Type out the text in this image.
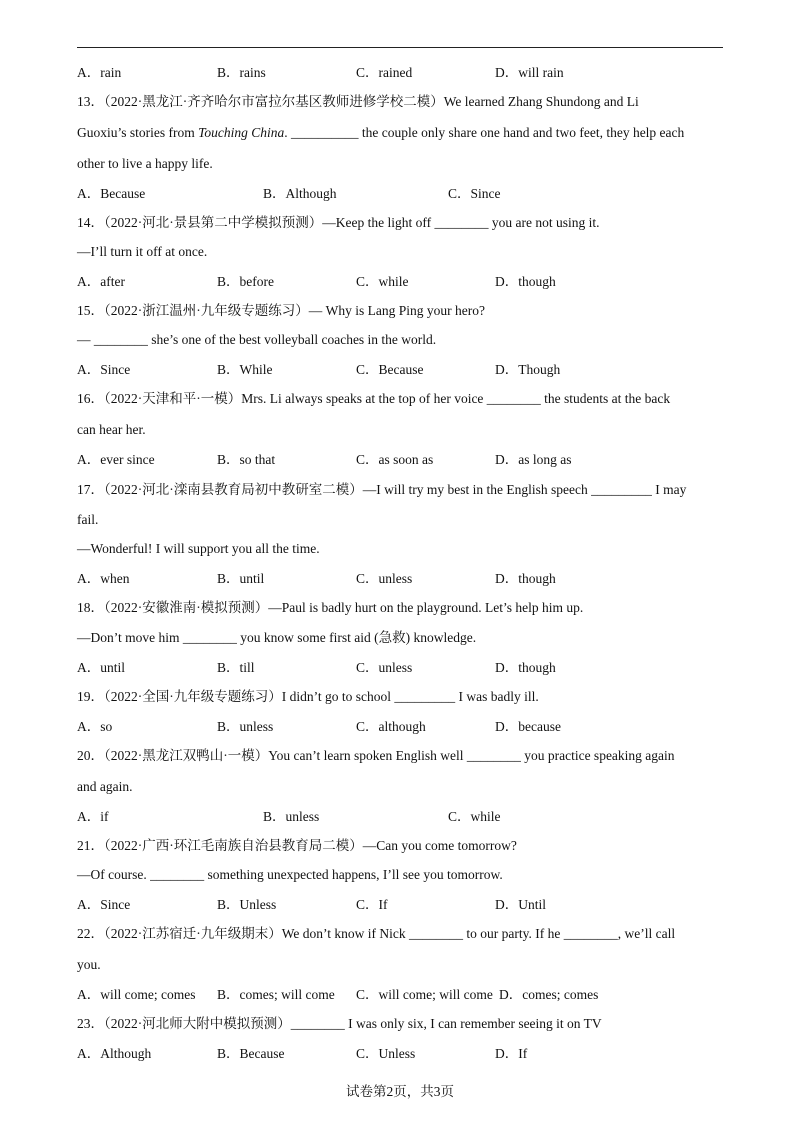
A．rain	B．rains	C．rained	D．will rain
13．（2022·黑龙江·齐齐哈尔市富拉尔基区教师进修学校二模）We learned Zhang Shundong and Li
Guoxiu’s stories from Touching China. __________ the couple only share one hand and two feet, they help each
other to live a happy life.
A．Because	B．Although	C．Since
14．（2022·河北·景县第二中学模拟预测）—Keep the light off ________ you are not using it.
—I’ll turn it off at once.
A．after	B．before	C．while	D．though
15．（2022·浙江温州·九年级专题练习）— Why is Lang Ping your hero?
— ________ she’s one of the best volleyball coaches in the world.
A．Since	B．While	C．Because	D．Though
16．（2022·天津和平·一模）Mrs. Li always speaks at the top of her voice ________ the students at the back
can hear her.
A．ever since	B．so that	C．as soon as	D．as long as
17．（2022·河北·滦南县教育局初中教研室二模）—I will try my best in the English speech _________ I may
fail.
—Wonderful! I will support you all the time.
A．when	B．until	C．unless	D．though
18．（2022·安徽淮南·模拟预测）—Paul is badly hurt on the playground. Let’s help him up.
—Don’t move him ________ you know some first aid (急救) knowledge.
A．until	B．till	C．unless	D．though
19．（2022·全国·九年级专题练习）I didn’t go to school _________ I was badly ill.
A．so	B．unless	C．although	D．because
20．（2022·黑龙江双鸭山·一模）You can’t learn spoken English well ________ you practice speaking again
and again.
A．if	B．unless	C．while
21．（2022·广西·环江毛南族自治县教育局二模）—Can you come tomorrow?
—Of course. ________ something unexpected happens, I’ll see you tomorrow.
A．Since	B．Unless	C．If	D．Until
22．（2022·江苏宿迁·九年级期末）We don’t know if Nick ________ to our party. If he ________, we’ll call
you.
A．will come; comes B．comes; will come C．will come; will come D．comes; comes
23．（2022·河北师大附中模拟预测）________ I was only six, I can remember seeing it on TV
A．Although	B．Because	C．Unless	D．If
试卷第2页，共3页
